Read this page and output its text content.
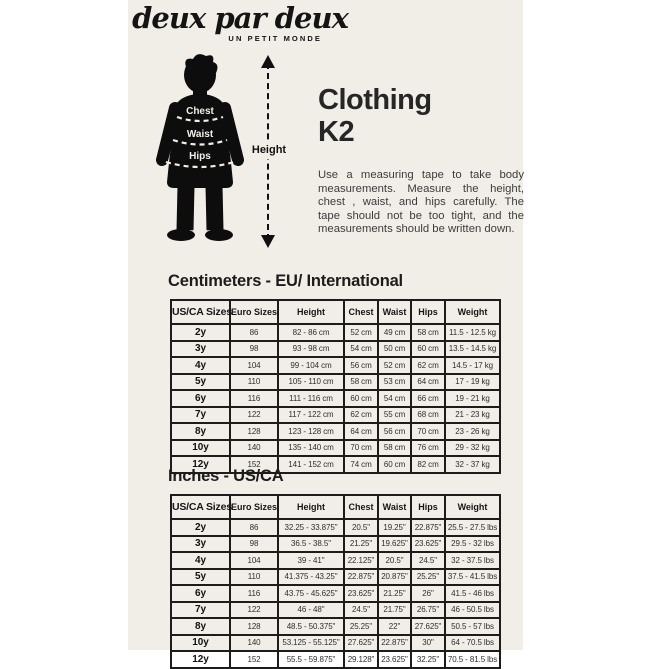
deux par deux
UN PETIT MONDE
Chest
Waist
Hips
Height
Clothing
K2
Use a measuring tape to take body measurements. Measure the height, chest , waist, and hips carefully. The tape should not be too tight, and the measurements should be written down.
Centimeters - EU/ International
US/CA Sizes	Euro Sizes	Height	Chest	Waist	Hips	Weight
2y	86	82 - 86 cm	52 cm	49 cm	58 cm	11.5 - 12.5 kg
3y	98	93 - 98 cm	54 cm	50 cm	60 cm	13.5 - 14.5 kg
4y	104	99 - 104 cm	56 cm	52 cm	62 cm	14.5 - 17 kg
5y	110	105 - 110 cm	58 cm	53 cm	64 cm	17 - 19 kg
6y	116	111 - 116 cm	60 cm	54 cm	66 cm	19 - 21 kg
7y	122	117 - 122 cm	62 cm	55 cm	68 cm	21 - 23 kg
8y	128	123 - 128 cm	64 cm	56 cm	70 cm	23 - 26 kg
10y	140	135 - 140 cm	70 cm	58 cm	76 cm	29 - 32 kg
12y	152	141 - 152 cm	74 cm	60 cm	82 cm	32 - 37 kg
Inches - US/CA
US/CA Sizes	Euro Sizes	Height	Chest	Waist	Hips	Weight
2y	86	32.25 - 33.875"	20.5"	19.25"	22.875"	25.5 - 27.5 lbs
3y	98	36.5 - 38.5"	21.25"	19.625"	23.625"	29.5 - 32 lbs
4y	104	39 - 41"	22.125"	20.5"	24.5"	32 - 37.5 lbs
5y	110	41.375 - 43.25"	22.875"	20.875"	25.25"	37.5 - 41.5 lbs
6y	116	43.75 - 45.625"	23.625"	21.25"	26"	41.5 - 46 lbs
7y	122	46 - 48"	24.5"	21.75"	26.75"	46 - 50.5 lbs
8y	128	48.5 - 50.375"	25.25"	22"	27.625"	50.5 - 57 lbs
10y	140	53.125 - 55.125"	27.625"	22.875"	30"	64 - 70.5 lbs
12y	152	55.5 - 59.875"	29.128"	23.625"	32.25"	70.5 - 81.5 lbs
